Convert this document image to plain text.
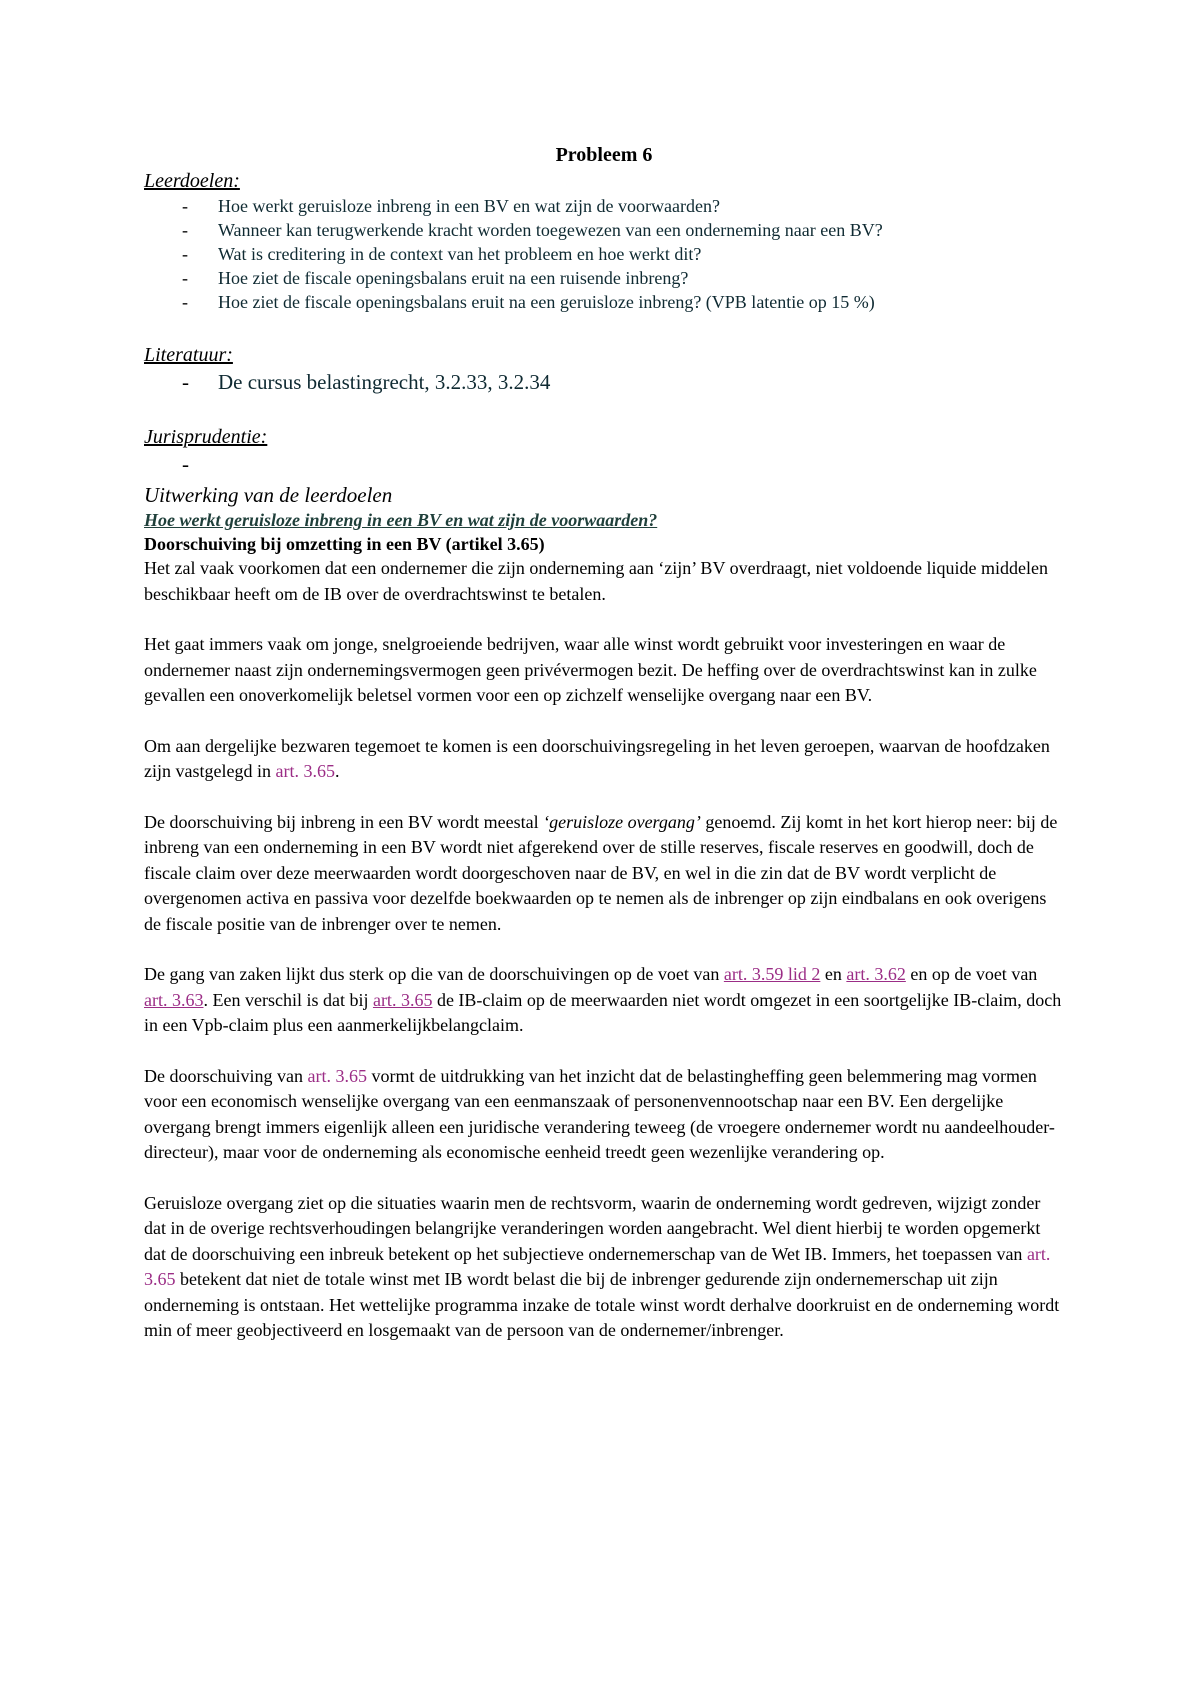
Probleem 6
Leerdoelen:
- Hoe werkt geruisloze inbreng in een BV en wat zijn de voorwaarden?
- Wanneer kan terugwerkende kracht worden toegewezen van een onderneming naar een BV?
- Wat is creditering in de context van het probleem en hoe werkt dit?
- Hoe ziet de fiscale openingsbalans eruit na een ruisende inbreng?
- Hoe ziet de fiscale openingsbalans eruit na een geruisloze inbreng? (VPB latentie op 15 %)
Literatuur:
- De cursus belastingrecht, 3.2.33, 3.2.34
Jurisprudentie:
Uitwerking van de leerdoelen
Hoe werkt geruisloze inbreng in een BV en wat zijn de voorwaarden?
Doorschuiving bij omzetting in een BV (artikel 3.65)

Het zal vaak voorkomen dat een ondernemer die zijn onderneming aan ‘zijn’ BV overdraagt, niet voldoende liquide middelen beschikbaar heeft om de IB over de overdrachtswinst te betalen.

Het gaat immers vaak om jonge, snelgroeiende bedrijven, waar alle winst wordt gebruikt voor investeringen en waar de ondernemer naast zijn ondernemingsvermogen geen privévermogen bezit. De heffing over de overdrachtswinst kan in zulke gevallen een onoverkomelijk beletsel vormen voor een op zichzelf wenselijke overgang naar een BV.

Om aan dergelijke bezwaren tegemoet te komen is een doorschuivingsregeling in het leven geroepen, waarvan de hoofdzaken zijn vastgelegd in art. 3.65.

De doorschuiving bij inbreng in een BV wordt meestal ‘geruisloze overgang’ genoemd. Zij komt in het kort hierop neer: bij de inbreng van een onderneming in een BV wordt niet afgerekend over de stille reserves, fiscale reserves en goodwill, doch de fiscale claim over deze meerwaarden wordt doorgeschoven naar de BV, en wel in die zin dat de BV wordt verplicht de overgenomen activa en passiva voor dezelfde boekwaarden op te nemen als de inbrenger op zijn eindbalans en ook overigens de fiscale positie van de inbrenger over te nemen.

De gang van zaken lijkt dus sterk op die van de doorschuivingen op de voet van art. 3.59 lid 2 en art. 3.62 en op de voet van art. 3.63. Een verschil is dat bij art. 3.65 de IB-claim op de meerwaarden niet wordt omgezet in een soortgelijke IB-claim, doch in een Vpb-claim plus een aanmerkelijkbelangclaim.

De doorschuiving van art. 3.65 vormt de uitdrukking van het inzicht dat de belastingheffing geen belemmering mag vormen voor een economisch wenselijke overgang van een eenmanszaak of personenvennootschap naar een BV. Een dergelijke overgang brengt immers eigenlijk alleen een juridische verandering teweeg (de vroegere ondernemer wordt nu aandeelhouder-directeur), maar voor de onderneming als economische eenheid treedt geen wezenlijke verandering op.

Geruisloze overgang ziet op die situaties waarin men de rechtsvorm, waarin de onderneming wordt gedreven, wijzigt zonder dat in de overige rechtsverhoudingen belangrijke veranderingen worden aangebracht. Wel dient hierbij te worden opgemerkt dat de doorschuiving een inbreuk betekent op het subjectieve ondernemerschap van de Wet IB. Immers, het toepassen van art. 3.65 betekent dat niet de totale winst met IB wordt belast die bij de inbrenger gedurende zijn ondernemerschap uit zijn onderneming is ontstaan. Het wettelijke programma inzake de totale winst wordt derhalve doorkruist en de onderneming wordt min of meer geobjectiveerd en losgemaakt van de persoon van de ondernemer/inbrenger.
